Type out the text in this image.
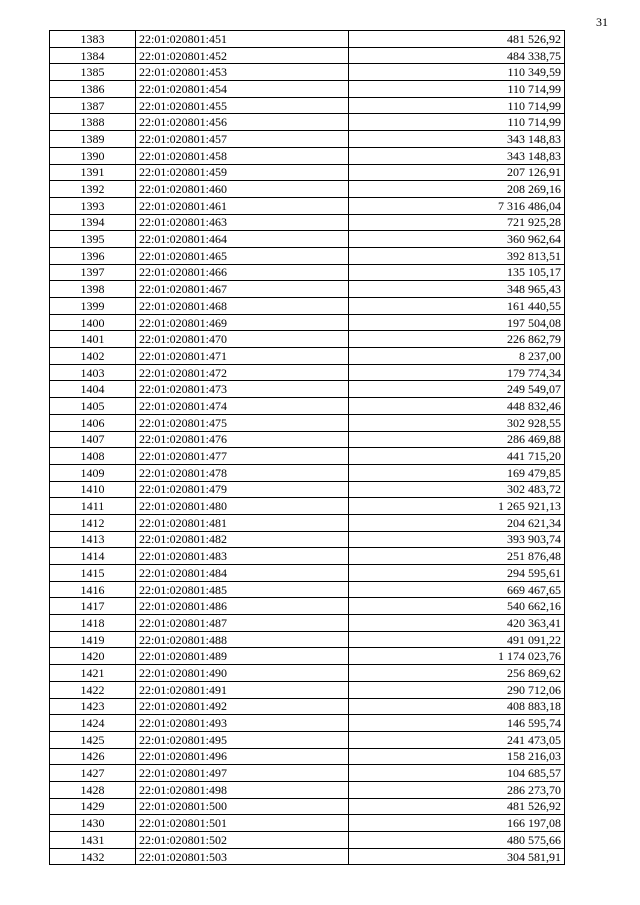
31
1383	22:01:020801:451	481 526,92
1384	22:01:020801:452	484 338,75
1385	22:01:020801:453	110 349,59
1386	22:01:020801:454	110 714,99
1387	22:01:020801:455	110 714,99
1388	22:01:020801:456	110 714,99
1389	22:01:020801:457	343 148,83
1390	22:01:020801:458	343 148,83
1391	22:01:020801:459	207 126,91
1392	22:01:020801:460	208 269,16
1393	22:01:020801:461	7 316 486,04
1394	22:01:020801:463	721 925,28
1395	22:01:020801:464	360 962,64
1396	22:01:020801:465	392 813,51
1397	22:01:020801:466	135 105,17
1398	22:01:020801:467	348 965,43
1399	22:01:020801:468	161 440,55
1400	22:01:020801:469	197 504,08
1401	22:01:020801:470	226 862,79
1402	22:01:020801:471	8 237,00
1403	22:01:020801:472	179 774,34
1404	22:01:020801:473	249 549,07
1405	22:01:020801:474	448 832,46
1406	22:01:020801:475	302 928,55
1407	22:01:020801:476	286 469,88
1408	22:01:020801:477	441 715,20
1409	22:01:020801:478	169 479,85
1410	22:01:020801:479	302 483,72
1411	22:01:020801:480	1 265 921,13
1412	22:01:020801:481	204 621,34
1413	22:01:020801:482	393 903,74
1414	22:01:020801:483	251 876,48
1415	22:01:020801:484	294 595,61
1416	22:01:020801:485	669 467,65
1417	22:01:020801:486	540 662,16
1418	22:01:020801:487	420 363,41
1419	22:01:020801:488	491 091,22
1420	22:01:020801:489	1 174 023,76
1421	22:01:020801:490	256 869,62
1422	22:01:020801:491	290 712,06
1423	22:01:020801:492	408 883,18
1424	22:01:020801:493	146 595,74
1425	22:01:020801:495	241 473,05
1426	22:01:020801:496	158 216,03
1427	22:01:020801:497	104 685,57
1428	22:01:020801:498	286 273,70
1429	22:01:020801:500	481 526,92
1430	22:01:020801:501	166 197,08
1431	22:01:020801:502	480 575,66
1432	22:01:020801:503	304 581,91
